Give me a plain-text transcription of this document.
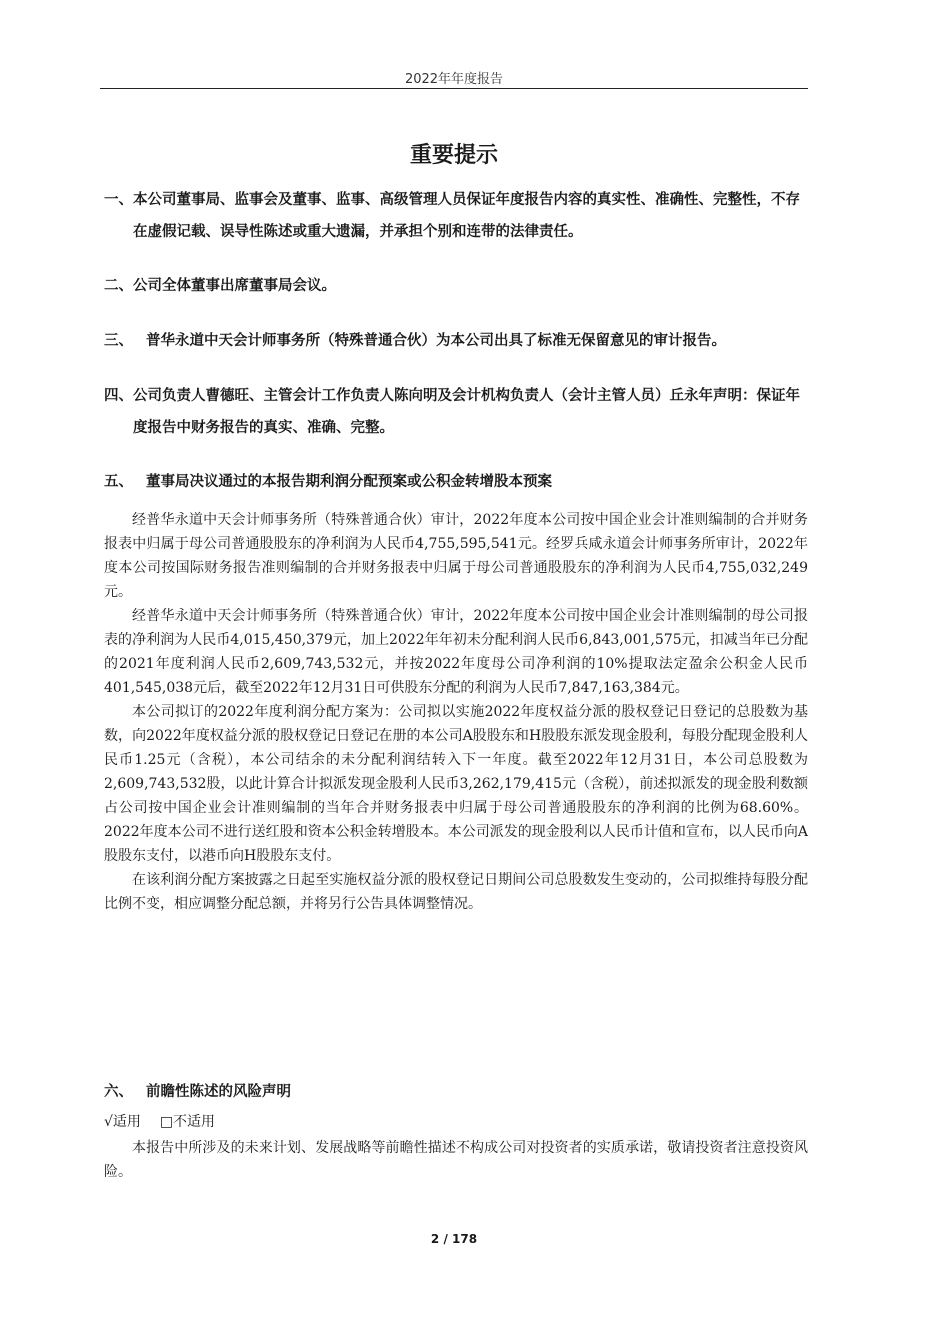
2022年年度报告
重要提示
一、 本公司董事局、监事会及董事、监事、高级管理人员保证年度报告内容的真实性、准确性、完整性，不存在虚假记载、误导性陈述或重大遗漏，并承担个别和连带的法律责任。
二、 公司全体董事出席董事局会议。
三、 普华永道中天会计师事务所（特殊普通合伙）为本公司出具了标准无保留意见的审计报告。
四、 公司负责人曹德旺、主管会计工作负责人陈向明及会计机构负责人（会计主管人员）丘永年声明：保证年度报告中财务报告的真实、准确、完整。
五、 董事局决议通过的本报告期利润分配预案或公积金转增股本预案

经普华永道中天会计师事务所（特殊普通合伙）审计，2022年度本公司按中国企业会计准则编制的合并财务报表中归属于母公司普通股股东的净利润为人民币4,755,595,541元。经罗兵咸永道会计师事务所审计，2022年度本公司按国际财务报告准则编制的合并财务报表中归属于母公司普通股股东的净利润为人民币4,755,032,249元。

经普华永道中天会计师事务所（特殊普通合伙）审计，2022年度本公司按中国企业会计准则编制的母公司报表的净利润为人民币4,015,450,379元，加上2022年年初未分配利润人民币6,843,001,575元，扣减当年已分配的2021年度利润人民币2,609,743,532元，并按2022年度母公司净利润的10%提取法定盈余公积金人民币401,545,038元后，截至2022年12月31日可供股东分配的利润为人民币7,847,163,384元。

本公司拟订的2022年度利润分配方案为：公司拟以实施2022年度权益分派的股权登记日登记的总股数为基数，向2022年度权益分派的股权登记日登记在册的本公司A股股东和H股股东派发现金股利，每股分配现金股利人民币1.25元（含税），本公司结余的未分配利润结转入下一年度。截至2022年12月31日，本公司总股数为2,609,743,532股，以此计算合计拟派发现金股利人民币3,262,179,415元（含税），前述拟派发的现金股利数额占公司按中国企业会计准则编制的当年合并财务报表中归属于母公司普通股股东的净利润的比例为68.60%。2022年度本公司不进行送红股和资本公积金转增股本。本公司派发的现金股利以人民币计值和宣布，以人民币向A股股东支付，以港币向H股股东支付。

在该利润分配方案披露之日起至实施权益分派的股权登记日期间公司总股数发生变动的，公司拟维持每股分配比例不变，相应调整分配总额，并将另行公告具体调整情况。

六、 前瞻性陈述的风险声明
√适用 □不适用

本报告中所涉及的未来计划、发展战略等前瞻性描述不构成公司对投资者的实质承诺，敬请投资者注意投资风险。

2 / 178
